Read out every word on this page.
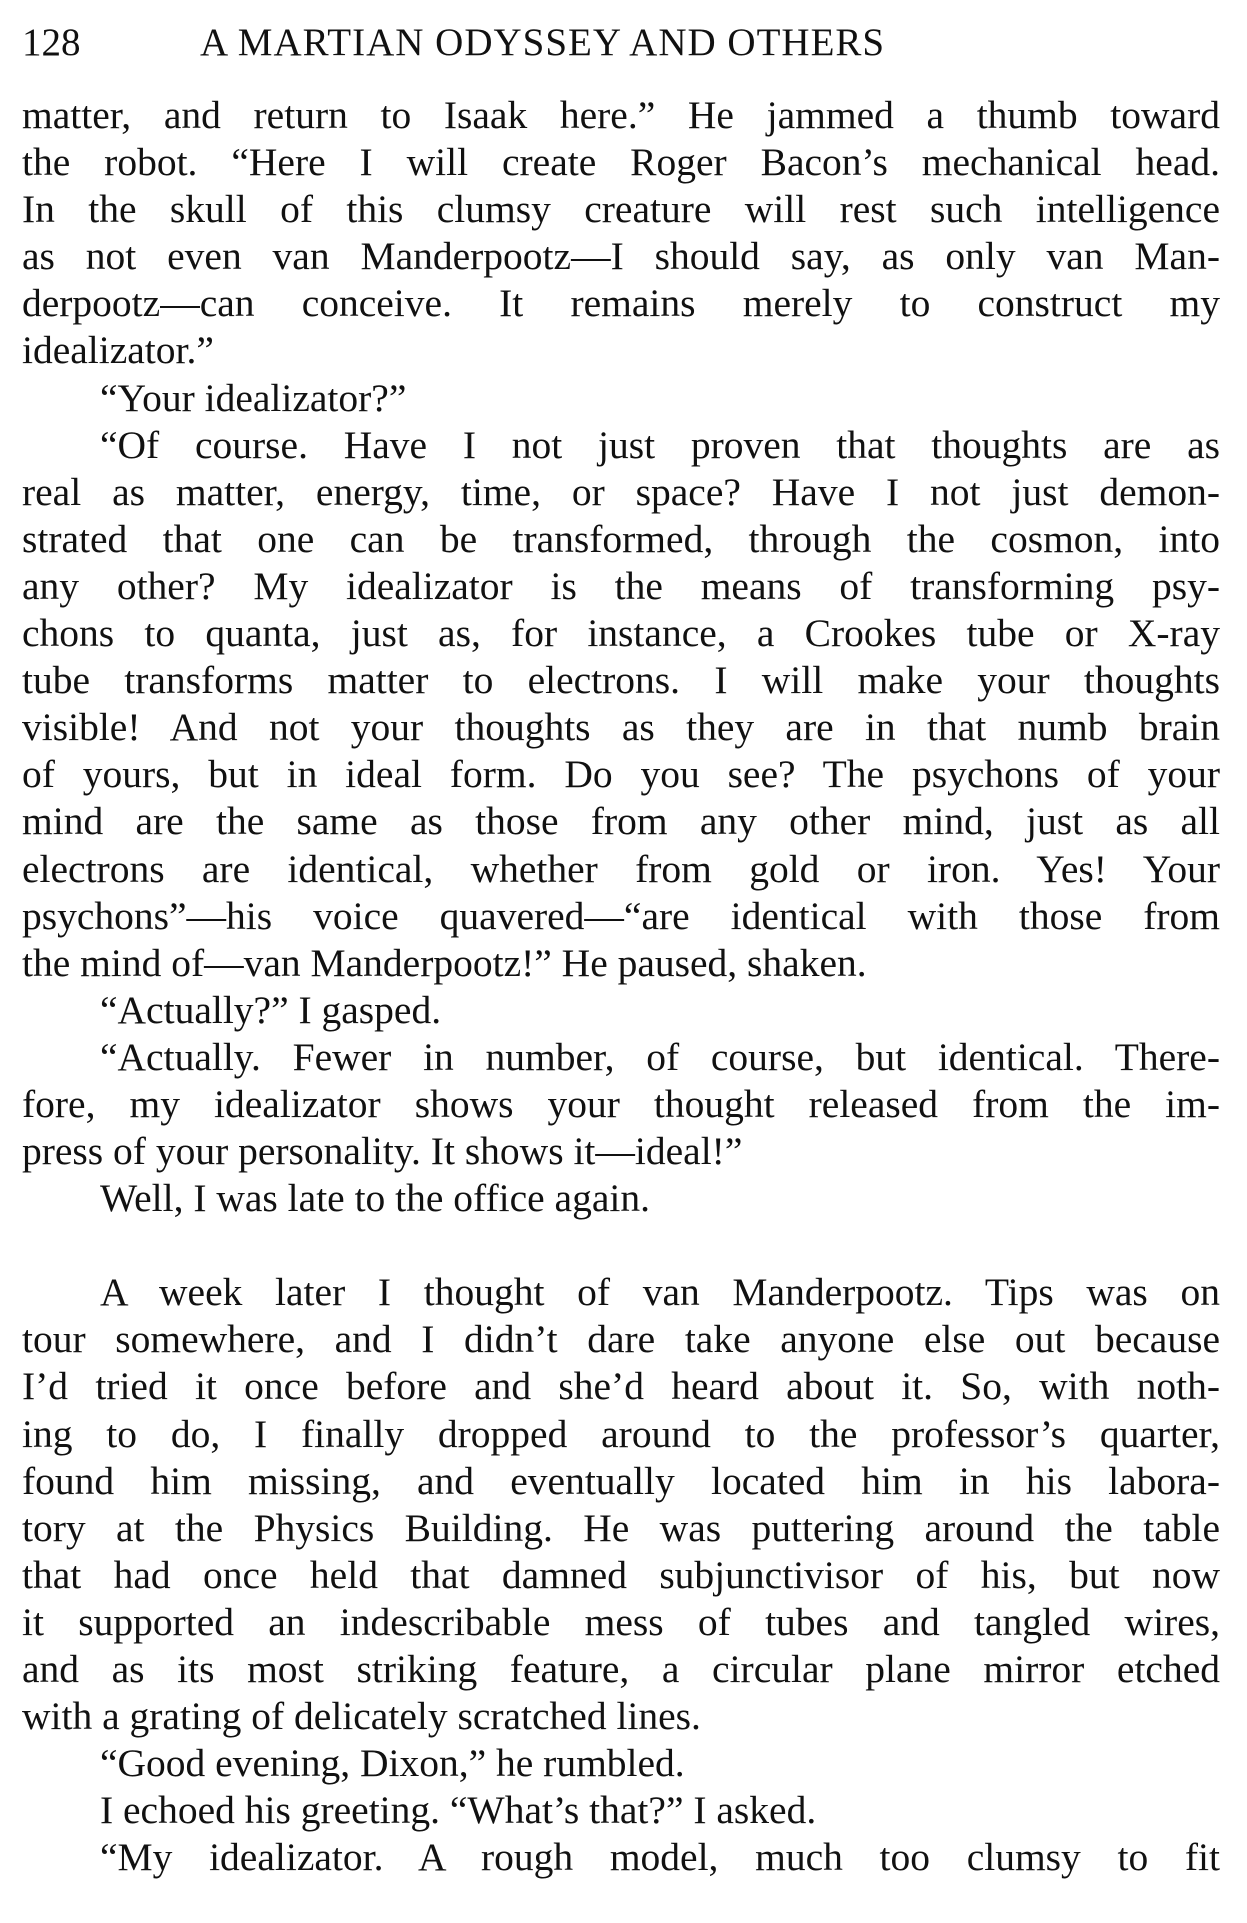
128	A MARTIAN ODYSSEY AND OTHERS
matter, and return to Isaak here.” He jammed a thumb toward
the robot. “Here I will create Roger Bacon’s mechanical head.
In the skull of this clumsy creature will rest such intelligence
as not even van Manderpootz—I should say, as only van Man-
derpootz—can conceive. It remains merely to construct my
idealizator.”
“Your idealizator?”
“Of course. Have I not just proven that thoughts are as
real as matter, energy, time, or space? Have I not just demon-
strated that one can be transformed, through the cosmon, into
any other? My idealizator is the means of transforming psy-
chons to quanta, just as, for instance, a Crookes tube or X-ray
tube transforms matter to electrons. I will make your thoughts
visible! And not your thoughts as they are in that numb brain
of yours, but in ideal form. Do you see? The psychons of your
mind are the same as those from any other mind, just as all
electrons are identical, whether from gold or iron. Yes! Your
psychons”—his voice quavered—“are identical with those from
the mind of—van Manderpootz!” He paused, shaken.
“Actually?” I gasped.
“Actually. Fewer in number, of course, but identical. There-
fore, my idealizator shows your thought released from the im-
press of your personality. It shows it—ideal!”
Well, I was late to the office again.
A week later I thought of van Manderpootz. Tips was on
tour somewhere, and I didn’t dare take anyone else out because
I’d tried it once before and she’d heard about it. So, with noth-
ing to do, I finally dropped around to the professor’s quarter,
found him missing, and eventually located him in his labora-
tory at the Physics Building. He was puttering around the table
that had once held that damned subjunctivisor of his, but now
it supported an indescribable mess of tubes and tangled wires,
and as its most striking feature, a circular plane mirror etched
with a grating of delicately scratched lines.
“Good evening, Dixon,” he rumbled.
I echoed his greeting. “What’s that?” I asked.
“My idealizator. A rough model, much too clumsy to fit
